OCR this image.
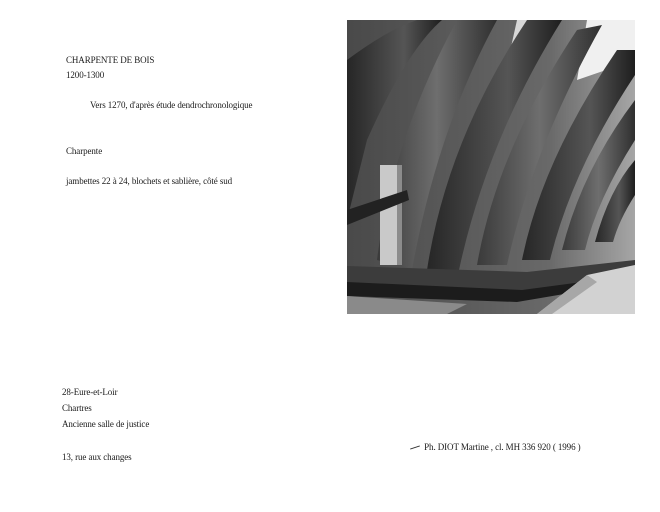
CHARPENTE DE BOIS
1200-1300
Vers 1270, d'après étude dendrochronologique
Charpente
jambettes 22 à 24, blochets et sablière, côté sud
28-Eure-et-Loir
Chartres
Ancienne salle de justice
13, rue aux changes
Ph. DIOT Martine , cl. MH 336 920 ( 1996 )
